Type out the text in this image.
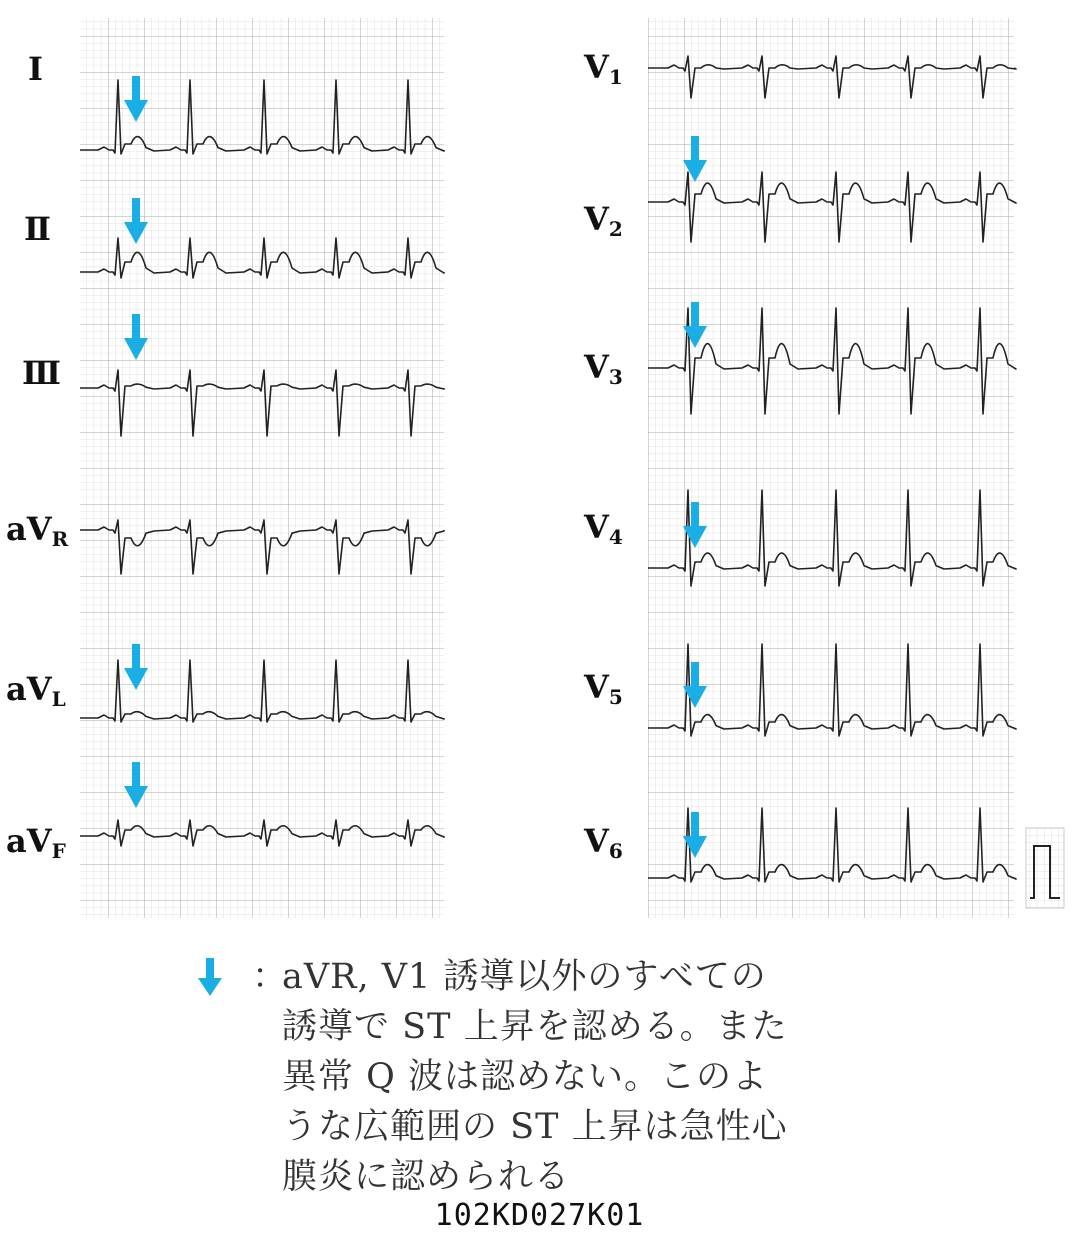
Ⅰ
Ⅱ
Ⅲ
aVR
aVL
aVF
V1
V2
V3
V4
V5
V6
：
aVR, V1 誘導以外のすべての
誘導で ST 上昇を認める。また
異常 Q 波は認めない。このよ
うな広範囲の ST 上昇は急性心
膜炎に認められる
102KD027K01
